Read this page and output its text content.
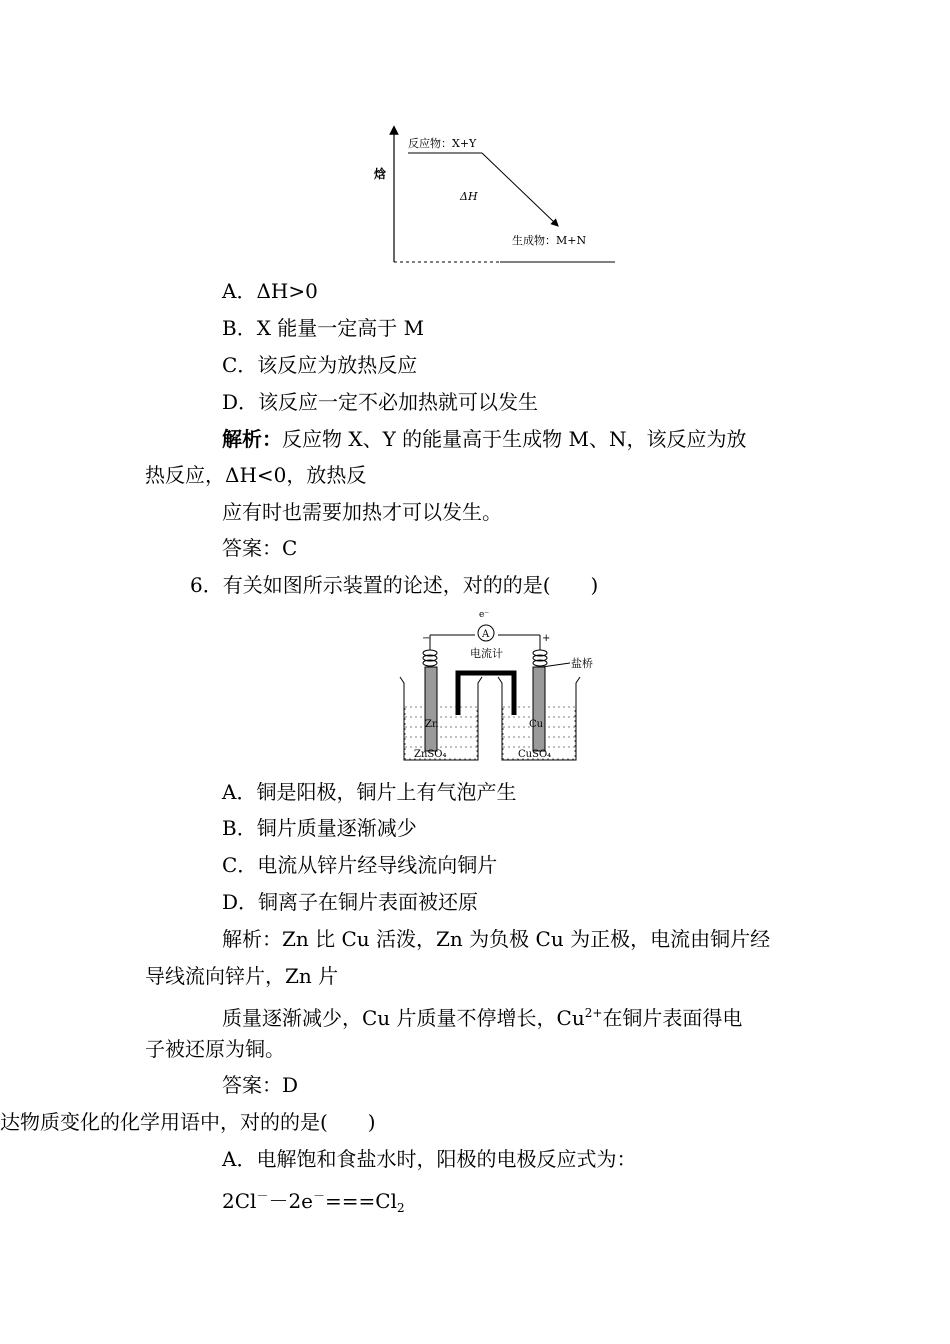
焓
反应物：X+Y
ΔH
生成物：M+N
A．ΔH>0
B．X 能量一定高于 M
C．该反应为放热反应
D．该反应一定不必加热就可以发生
解析：反应物 X、Y 的能量高于生成物 M、N，该反应为放
热反应，ΔH<0，放热反
应有时也需要加热才可以发生。
答案：C
6．有关如图所示装置的论述，对的的是(　　)
A
e⁻
−	+
电流计
盐桥
Zn	Cu
ZnSO₄	CuSO₄
A．铜是阳极，铜片上有气泡产生
B．铜片质量逐渐减少
C．电流从锌片经导线流向铜片
D．铜离子在铜片表面被还原
解析：Zn 比 Cu 活泼，Zn 为负极 Cu 为正极，电流由铜片经
导线流向锌片，Zn 片
质量逐渐减少，Cu 片质量不停增长，$Cu^{2+}$在铜片表面得电
子被还原为铜。
答案：D
达物质变化的化学用语中，对的的是(　　)
A．电解饱和食盐水时，阳极的电极反应式为：
$2Cl^--2e^-===Cl_2$
